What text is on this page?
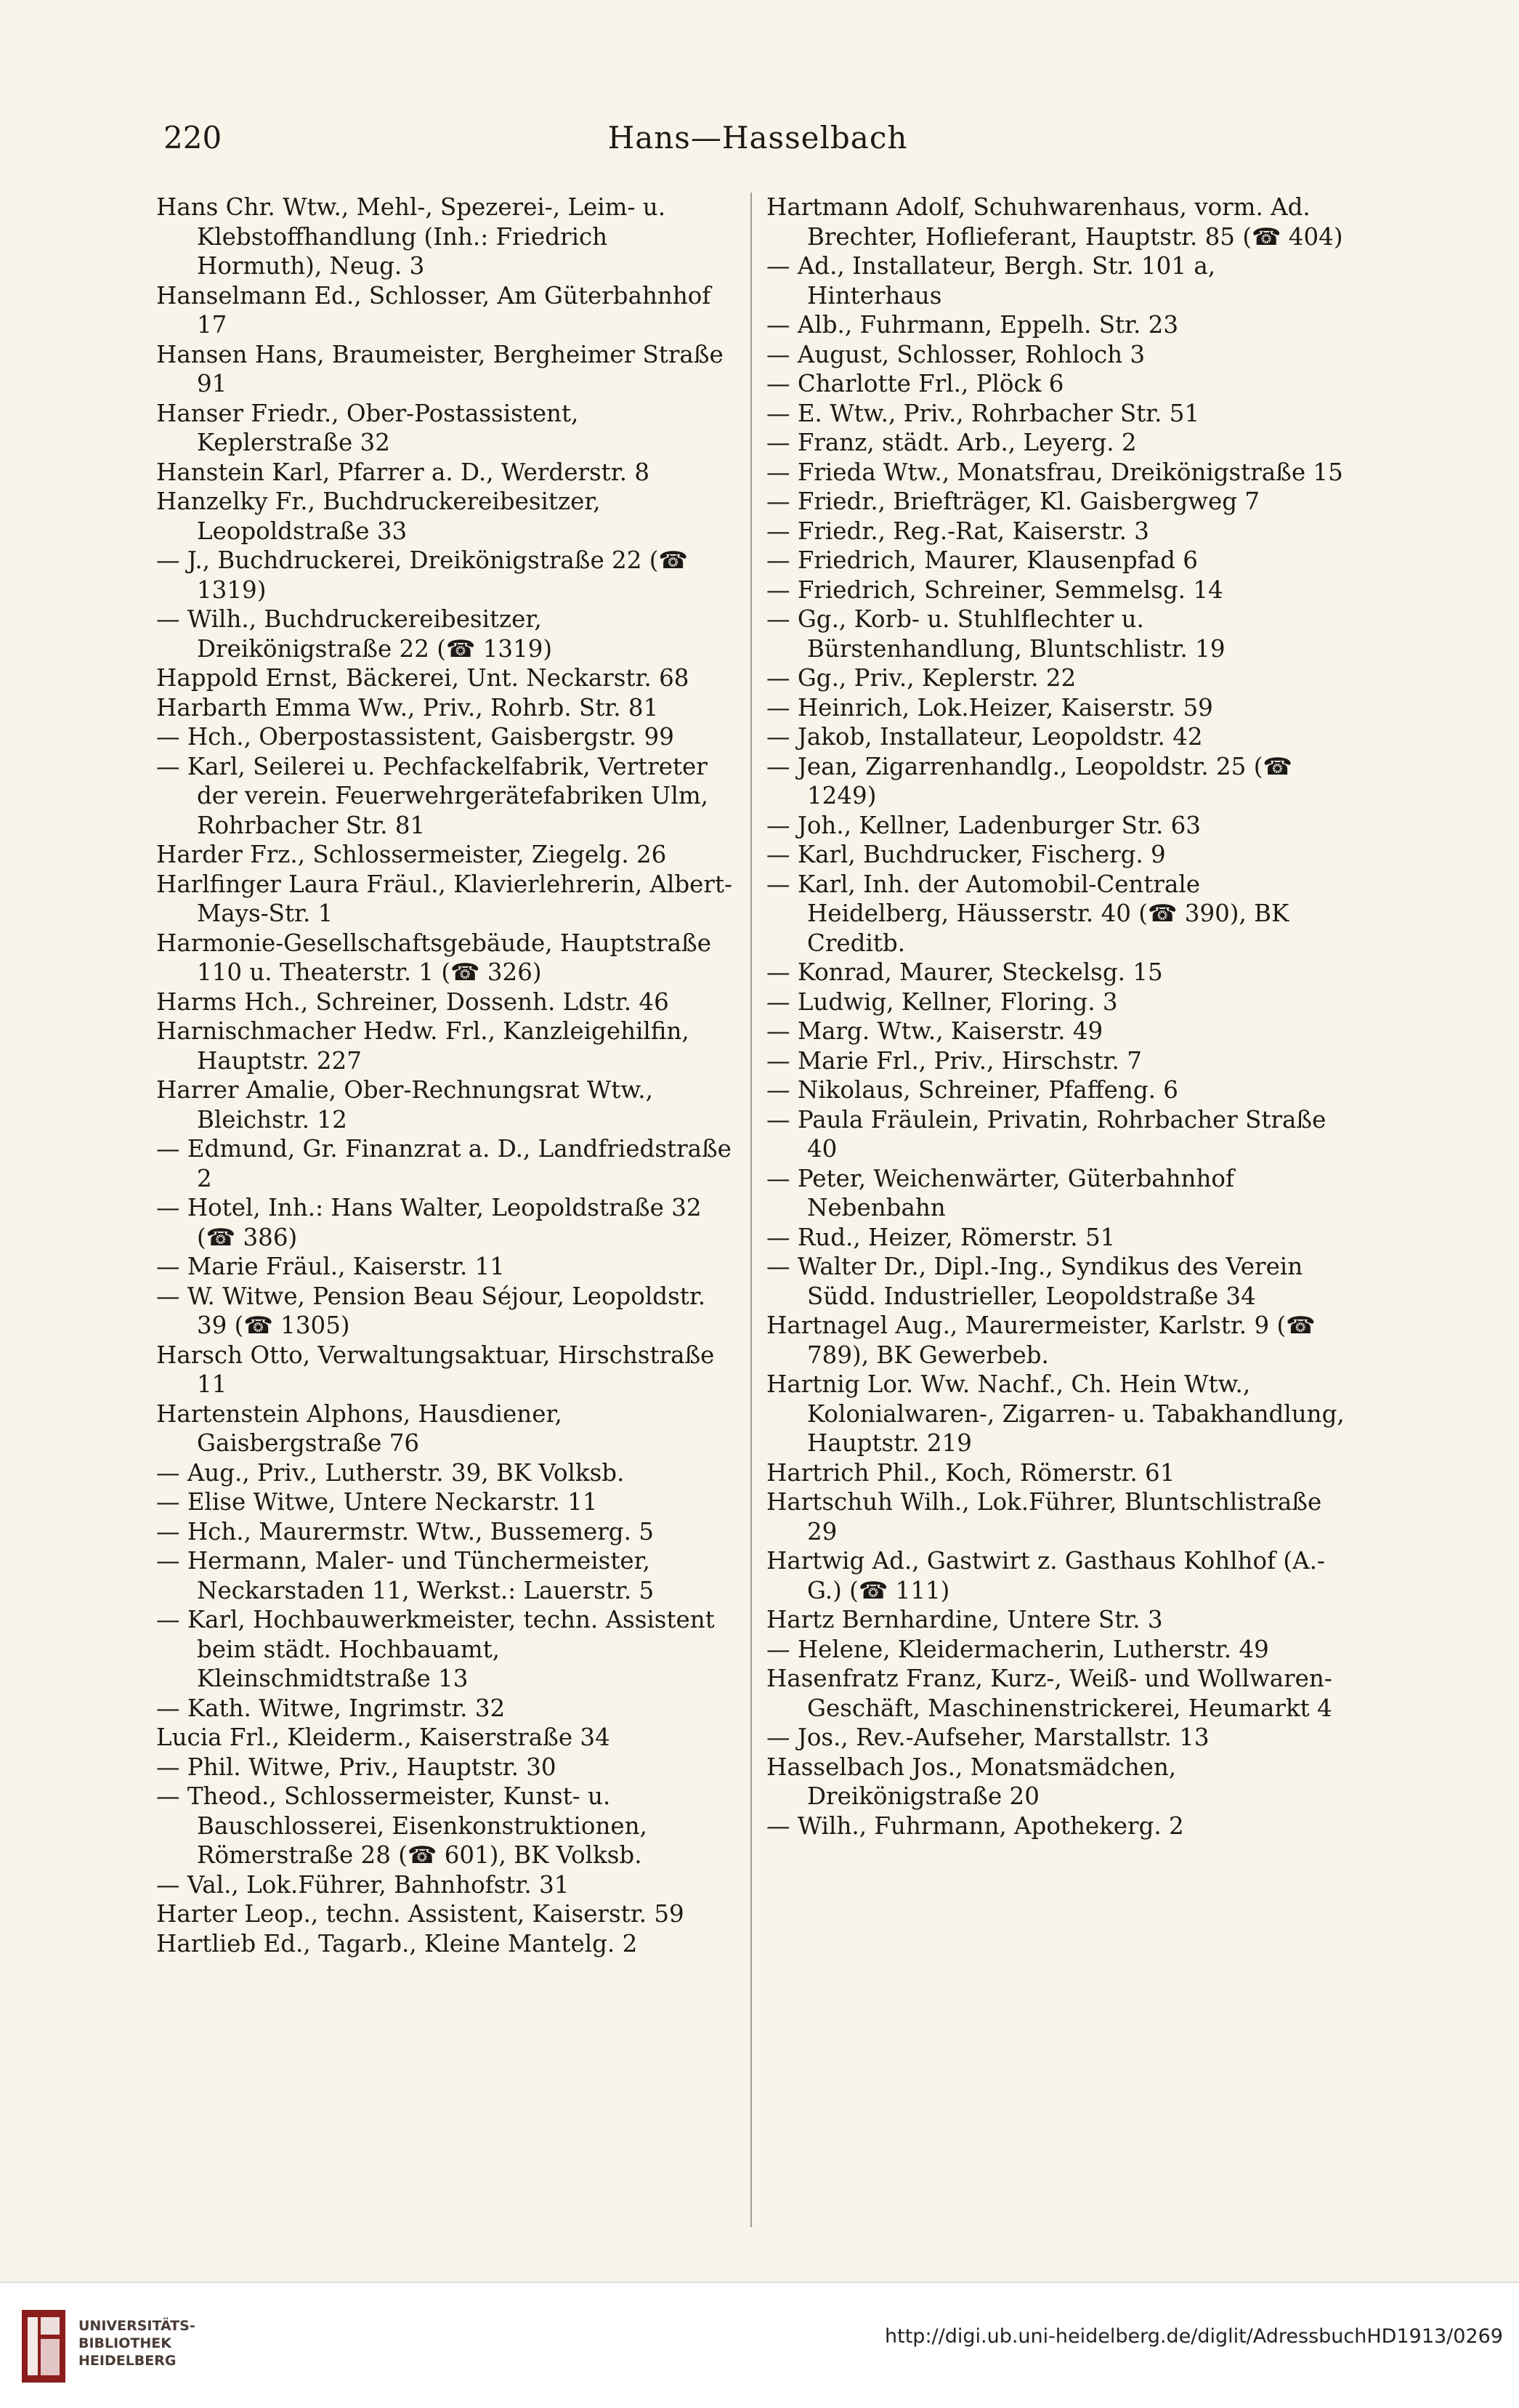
220	Hans—Hasselbach
Hans Chr. Wtw., Mehl-, Spezerei-, Leim- u. Klebstoffhandlung (Inh.: Friedrich Hormuth), Neug. 3
Hanselmann Ed., Schlosser, Am Güterbahnhof 17
Hansen Hans, Braumeister, Bergheimer Straße 91
Hanser Friedr., Ober-Postassistent, Keplerstraße 32
Hanstein Karl, Pfarrer a. D., Werderstr. 8
Hanzelky Fr., Buchdruckereibesitzer, Leopoldstraße 33
— J., Buchdruckerei, Dreikönigstraße 22 (☎ 1319)
— Wilh., Buchdruckereibesitzer, Dreikönigstraße 22 (☎ 1319)
Happold Ernst, Bäckerei, Unt. Neckarstr. 68
Harbarth Emma Ww., Priv., Rohrb. Str. 81
— Hch., Oberpostassistent, Gaisbergstr. 99
— Karl, Seilerei u. Pechfackelfabrik, Vertreter der verein. Feuerwehrgerätefabriken Ulm, Rohrbacher Str. 81
Harder Frz., Schlossermeister, Ziegelg. 26
Harlfinger Laura Fräul., Klavierlehrerin, Albert-Mays-Str. 1
Harmonie-Gesellschaftsgebäude, Hauptstraße 110 u. Theaterstr. 1 (☎ 326)
Harms Hch., Schreiner, Dossenh. Ldstr. 46
Harnischmacher Hedw. Frl., Kanzleigehilfin, Hauptstr. 227
Harrer Amalie, Ober-Rechnungsrat Wtw., Bleichstr. 12
— Edmund, Gr. Finanzrat a. D., Landfriedstraße 2
— Hotel, Inh.: Hans Walter, Leopoldstraße 32 (☎ 386)
— Marie Fräul., Kaiserstr. 11
— W. Witwe, Pension Beau Séjour, Leopoldstr. 39 (☎ 1305)
Harsch Otto, Verwaltungsaktuar, Hirschstraße 11
Hartenstein Alphons, Hausdiener, Gaisbergstraße 76
— Aug., Priv., Lutherstr. 39, BK Volksb.
— Elise Witwe, Untere Neckarstr. 11
— Hch., Maurermstr. Wtw., Bussemerg. 5
— Hermann, Maler- und Tünchermeister, Neckarstaden 11, Werkst.: Lauerstr. 5
— Karl, Hochbauwerkmeister, techn. Assistent beim städt. Hochbauamt, Kleinschmidtstraße 13
— Kath. Witwe, Ingrimstr. 32
Lucia Frl., Kleiderm., Kaiserstraße 34
— Phil. Witwe, Priv., Hauptstr. 30
— Theod., Schlossermeister, Kunst- u. Bauschlosserei, Eisenkonstruktionen, Römerstraße 28 (☎ 601), BK Volksb.
— Val., Lok.Führer, Bahnhofstr. 31
Harter Leop., techn. Assistent, Kaiserstr. 59
Hartlieb Ed., Tagarb., Kleine Mantelg. 2
Hartmann Adolf, Schuhwarenhaus, vorm. Ad. Brechter, Hoflieferant, Hauptstr. 85 (☎ 404)
— Ad., Installateur, Bergh. Str. 101 a, Hinterhaus
— Alb., Fuhrmann, Eppelh. Str. 23
— August, Schlosser, Rohloch 3
— Charlotte Frl., Plöck 6
— E. Wtw., Priv., Rohrbacher Str. 51
— Franz, städt. Arb., Leyerg. 2
— Frieda Wtw., Monatsfrau, Dreikönigstraße 15
— Friedr., Briefträger, Kl. Gaisbergweg 7
— Friedr., Reg.-Rat, Kaiserstr. 3
— Friedrich, Maurer, Klausenpfad 6
— Friedrich, Schreiner, Semmelsg. 14
— Gg., Korb- u. Stuhlflechter u. Bürstenhandlung, Bluntschlistr. 19
— Gg., Priv., Keplerstr. 22
— Heinrich, Lok.Heizer, Kaiserstr. 59
— Jakob, Installateur, Leopoldstr. 42
— Jean, Zigarrenhandlg., Leopoldstr. 25 (☎ 1249)
— Joh., Kellner, Ladenburger Str. 63
— Karl, Buchdrucker, Fischerg. 9
— Karl, Inh. der Automobil-Centrale Heidelberg, Häusserstr. 40 (☎ 390), BK Creditb.
— Konrad, Maurer, Steckelsg. 15
— Ludwig, Kellner, Floring. 3
— Marg. Wtw., Kaiserstr. 49
— Marie Frl., Priv., Hirschstr. 7
— Nikolaus, Schreiner, Pfaffeng. 6
— Paula Fräulein, Privatin, Rohrbacher Straße 40
— Peter, Weichenwärter, Güterbahnhof Nebenbahn
— Rud., Heizer, Römerstr. 51
— Walter Dr., Dipl.-Ing., Syndikus des Verein Südd. Industrieller, Leopoldstraße 34
Hartnagel Aug., Maurermeister, Karlstr. 9 (☎ 789), BK Gewerbeb.
Hartnig Lor. Ww. Nachf., Ch. Hein Wtw., Kolonialwaren-, Zigarren- u. Tabakhandlung, Hauptstr. 219
Hartrich Phil., Koch, Römerstr. 61
Hartschuh Wilh., Lok.Führer, Bluntschlistraße 29
Hartwig Ad., Gastwirt z. Gasthaus Kohlhof (A.-G.) (☎ 111)
Hartz Bernhardine, Untere Str. 3
— Helene, Kleidermacherin, Lutherstr. 49
Hasenfratz Franz, Kurz-, Weiß- und Wollwaren-Geschäft, Maschinenstrickerei, Heumarkt 4
— Jos., Rev.-Aufseher, Marstallstr. 13
Hasselbach Jos., Monatsmädchen, Dreikönigstraße 20
— Wilh., Fuhrmann, Apothekerg. 2
UNIVERSITÄTS-
BIBLIOTHEK
HEIDELBERG
http://digi.ub.uni-heidelberg.de/diglit/AdressbuchHD1913/0269
